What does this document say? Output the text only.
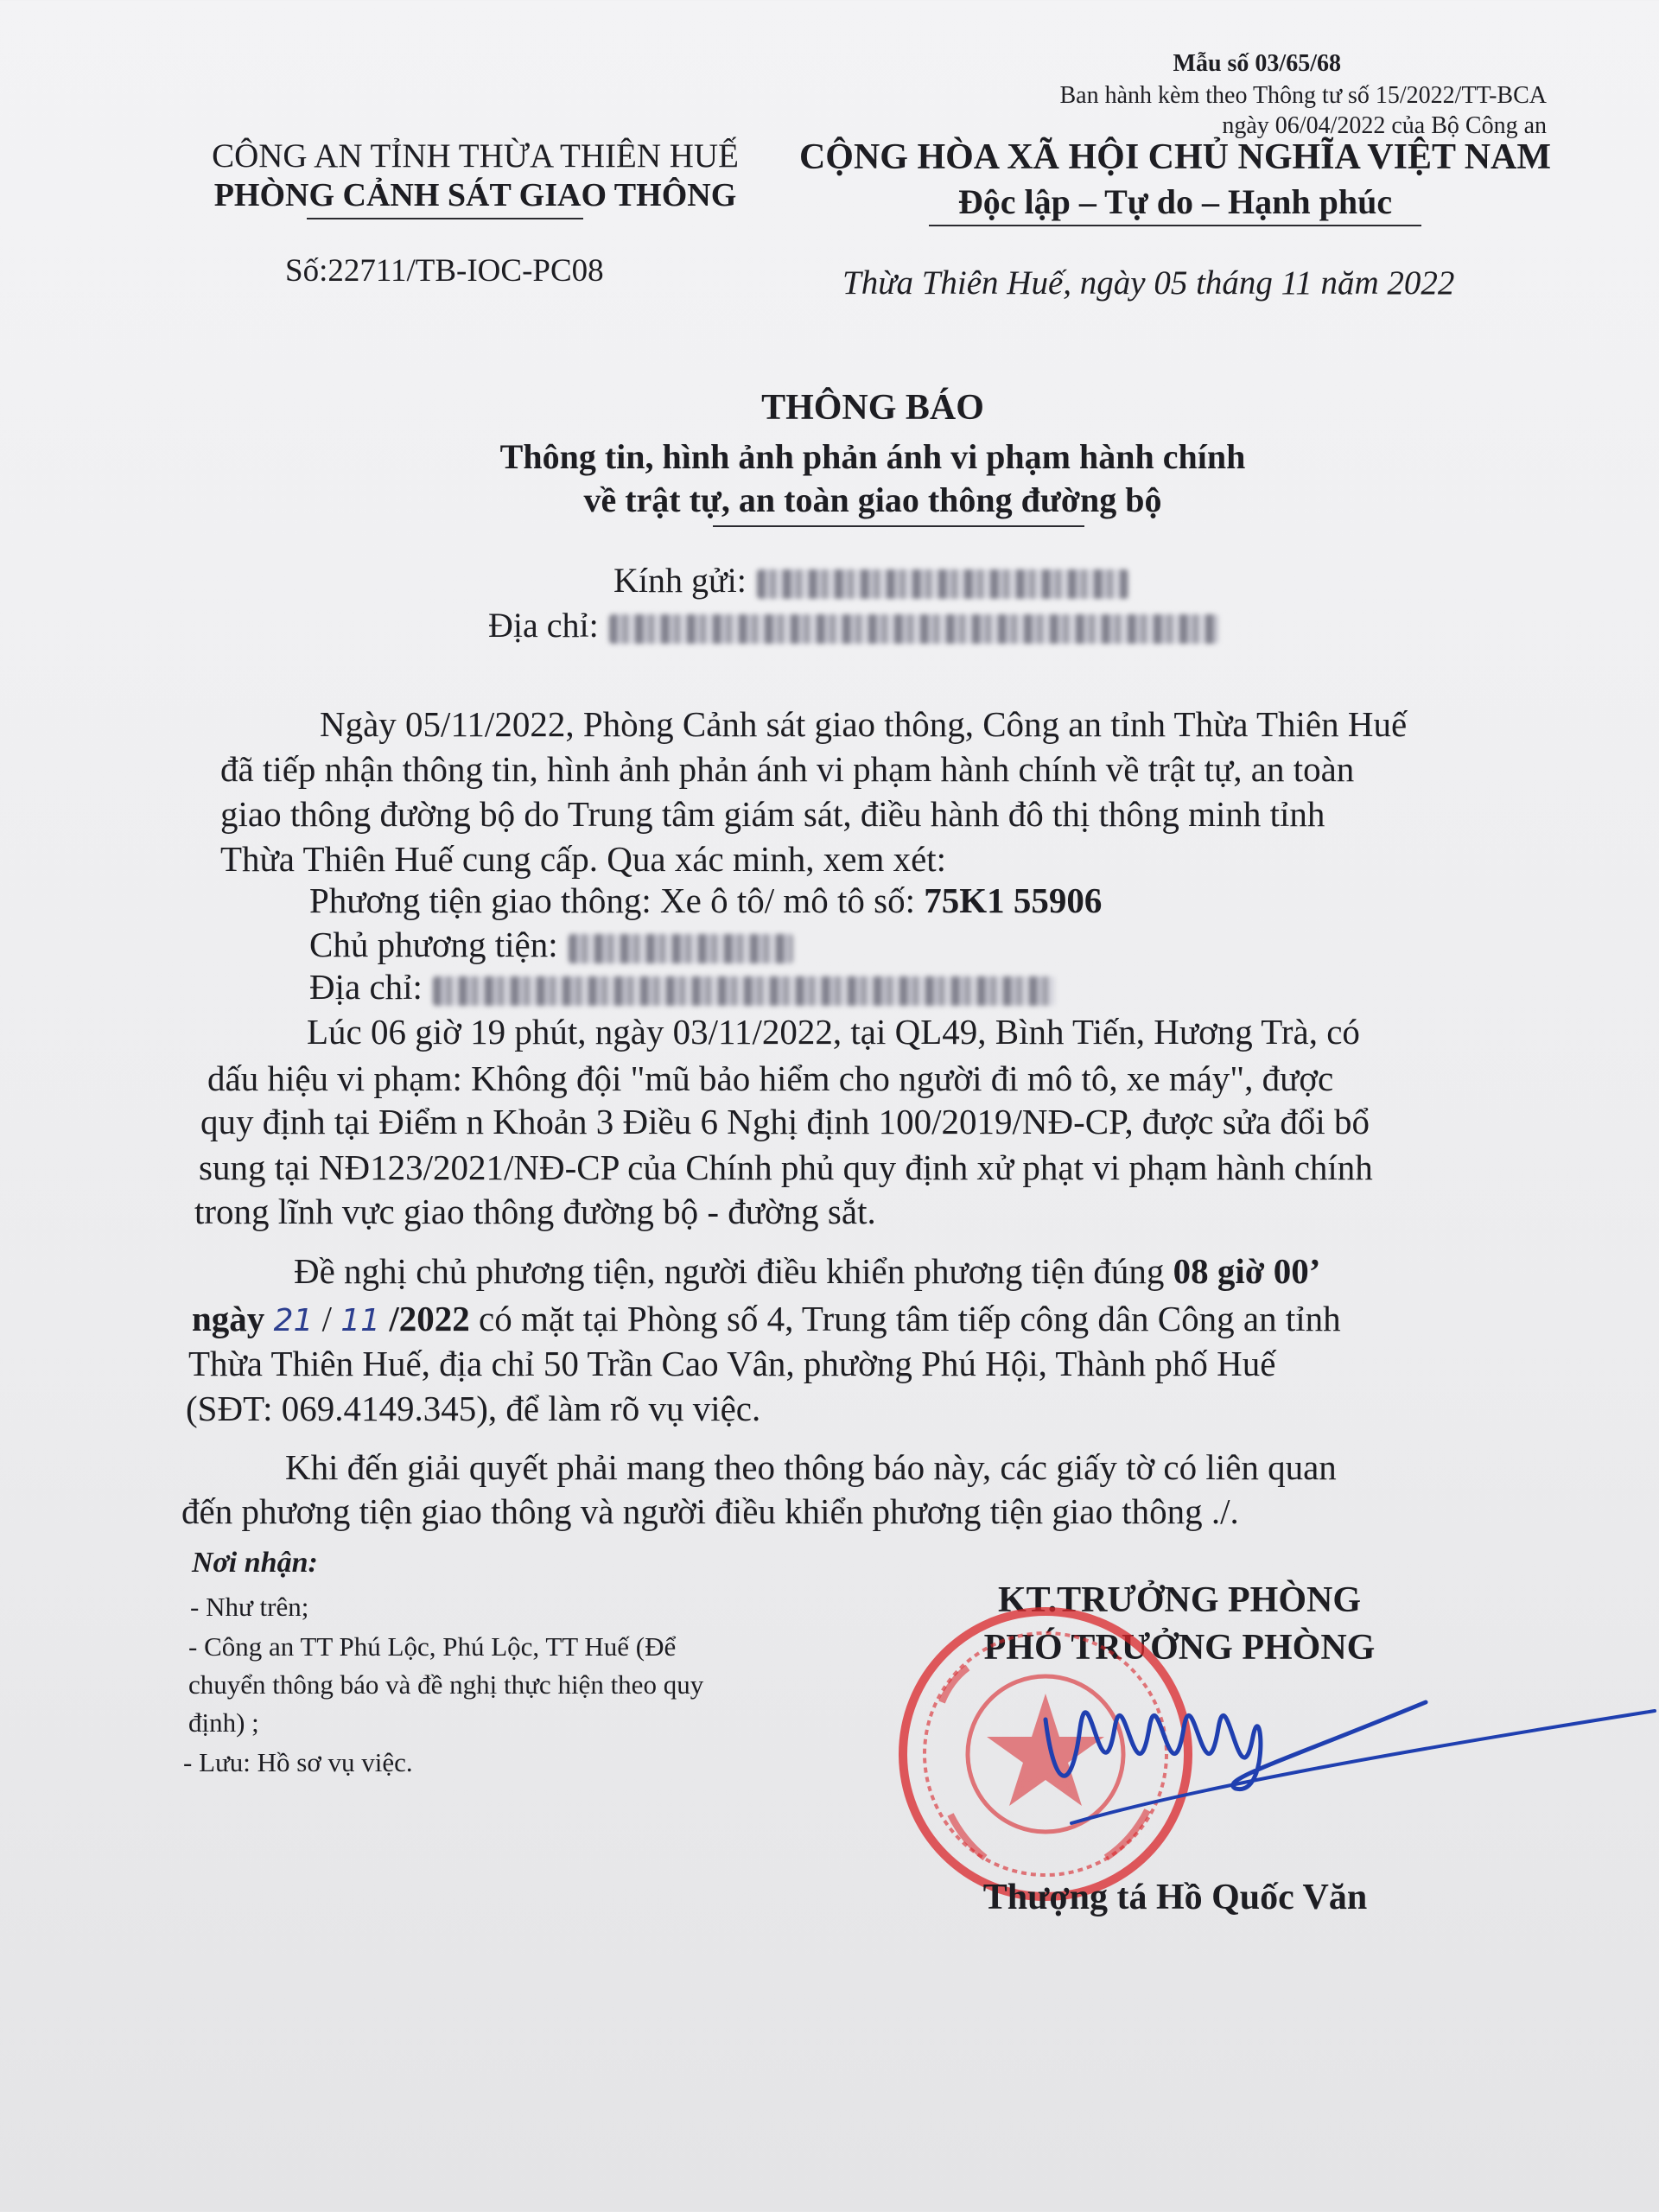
Mẫu số 03/65/68
Ban hành kèm theo Thông tư số 15/2022/TT-BCA
ngày 06/04/2022 của Bộ Công an
CÔNG AN TỈNH THỪA THIÊN HUẾ
PHÒNG CẢNH SÁT GIAO THÔNG
CỘNG HÒA XÃ HỘI CHỦ NGHĨA VIỆT NAM
Độc lập – Tự do – Hạnh phúc
Số:22711/TB-IOC-PC08	Thừa Thiên Huế, ngày 05 tháng 11 năm 2022
THÔNG BÁO
Thông tin, hình ảnh phản ánh vi phạm hành chính
về trật tự, an toàn giao thông đường bộ
Kính gửi:
Địa chỉ:
Ngày 05/11/2022, Phòng Cảnh sát giao thông, Công an tỉnh Thừa Thiên Huế
đã tiếp nhận thông tin, hình ảnh phản ánh vi phạm hành chính về trật tự, an toàn
giao thông đường bộ do Trung tâm giám sát, điều hành đô thị thông minh tỉnh
Thừa Thiên Huế cung cấp. Qua xác minh, xem xét:
Phương tiện giao thông: Xe ô tô/ mô tô số: 75K1 55906
Chủ phương tiện:
Địa chỉ:
Lúc 06 giờ 19 phút, ngày 03/11/2022, tại QL49, Bình Tiến, Hương Trà, có
dấu hiệu vi phạm: Không đội "mũ bảo hiểm cho người đi mô tô, xe máy", được
quy định tại Điểm n Khoản 3 Điều 6 Nghị định 100/2019/NĐ-CP, được sửa đổi bổ
sung tại NĐ123/2021/NĐ-CP của Chính phủ quy định xử phạt vi phạm hành chính
trong lĩnh vực giao thông đường bộ - đường sắt.
Đề nghị chủ phương tiện, người điều khiển phương tiện đúng 08 giờ 00’
ngày 21 / 11 /2022 có mặt tại Phòng số 4, Trung tâm tiếp công dân Công an tỉnh
Thừa Thiên Huế, địa chỉ 50 Trần Cao Vân, phường Phú Hội, Thành phố Huế
(SĐT: 069.4149.345), để làm rõ vụ việc.
Khi đến giải quyết phải mang theo thông báo này, các giấy tờ có liên quan
đến phương tiện giao thông và người điều khiển phương tiện giao thông ./.
Nơi nhận:
- Như trên;
- Công an TT Phú Lộc, Phú Lộc, TT Huế (Để
chuyển thông báo và đề nghị thực hiện theo quy
định) ;
- Lưu: Hồ sơ vụ việc.
KT.TRƯỞNG PHÒNG
PHÓ TRƯỞNG PHÒNG
Thượng tá Hồ Quốc Văn
